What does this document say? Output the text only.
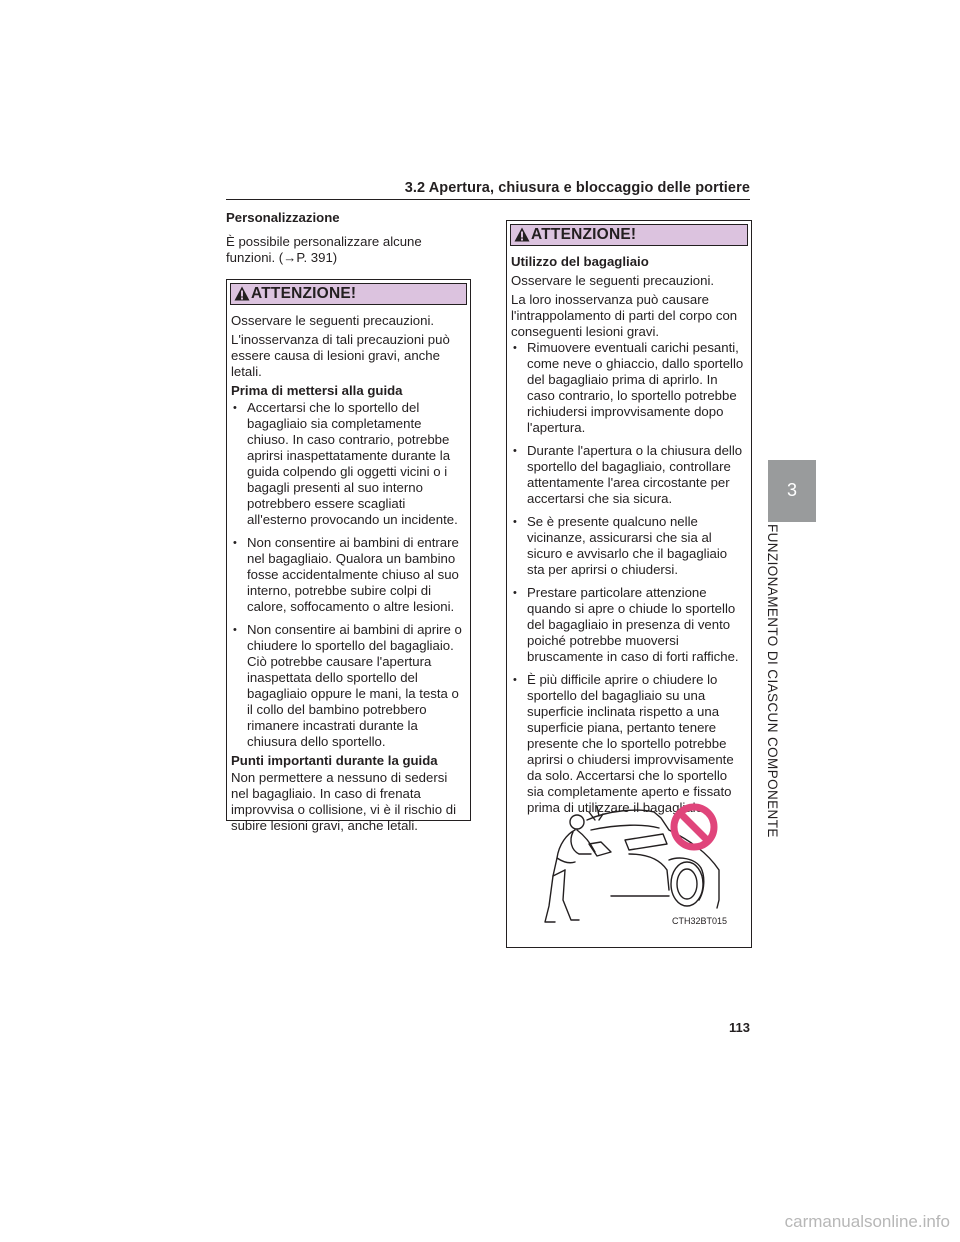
3.2 Apertura, chiusura e bloccaggio delle portiere

Personalizzazione

È possibile personalizzare alcune funzioni. (→P. 391)

ATTENZIONE!

Osservare le seguenti precauzioni.

L'inosservanza di tali precauzioni può essere causa di lesioni gravi, anche letali.

Prima di mettersi alla guida

• Accertarsi che lo sportello del bagagliaio sia completamente chiuso. In caso contrario, potrebbe aprirsi inaspettatamente durante la guida colpendo gli oggetti vicini o i bagagli presenti al suo interno potrebbero essere scagliati all'esterno provocando un incidente.
• Non consentire ai bambini di entrare nel bagagliaio. Qualora un bambino fosse accidentalmente chiuso al suo interno, potrebbe subire colpi di calore, soffocamento o altre lesioni.
• Non consentire ai bambini di aprire o chiudere lo sportello del bagagliaio. Ciò potrebbe causare l'apertura inaspettata dello sportello del bagagliaio oppure le mani, la testa o il collo del bambino potrebbero rimanere incastrati durante la chiusura dello sportello.

Punti importanti durante la guida

Non permettere a nessuno di sedersi nel bagagliaio. In caso di frenata improvvisa o collisione, vi è il rischio di subire lesioni gravi, anche letali.

ATTENZIONE!

Utilizzo del bagagliaio

Osservare le seguenti precauzioni.

La loro inosservanza può causare l'intrappolamento di parti del corpo con conseguenti lesioni gravi.

• Rimuovere eventuali carichi pesanti, come neve o ghiaccio, dallo sportello del bagagliaio prima di aprirlo. In caso contrario, lo sportello potrebbe richiudersi improvvisamente dopo l'apertura.
• Durante l'apertura o la chiusura dello sportello del bagagliaio, controllare attentamente l'area circostante per accertarsi che sia sicura.
• Se è presente qualcuno nelle vicinanze, assicurarsi che sia al sicuro e avvisarlo che il bagagliaio sta per aprirsi o chiudersi.
• Prestare particolare attenzione quando si apre o chiude lo sportello del bagagliaio in presenza di vento poiché potrebbe muoversi bruscamente in caso di forti raffiche.
• È più difficile aprire o chiudere lo sportello del bagagliaio su una superficie inclinata rispetto a una superficie piana, pertanto tenere presente che lo sportello potrebbe aprirsi o chiudersi improvvisamente da solo. Accertarsi che lo sportello sia completamente aperto e fissato prima di utilizzare il bagagliaio.
CTH32BT015
3
FUNZIONAMENTO DI CIASCUN COMPONENTE
113
carmanualsonline.info
